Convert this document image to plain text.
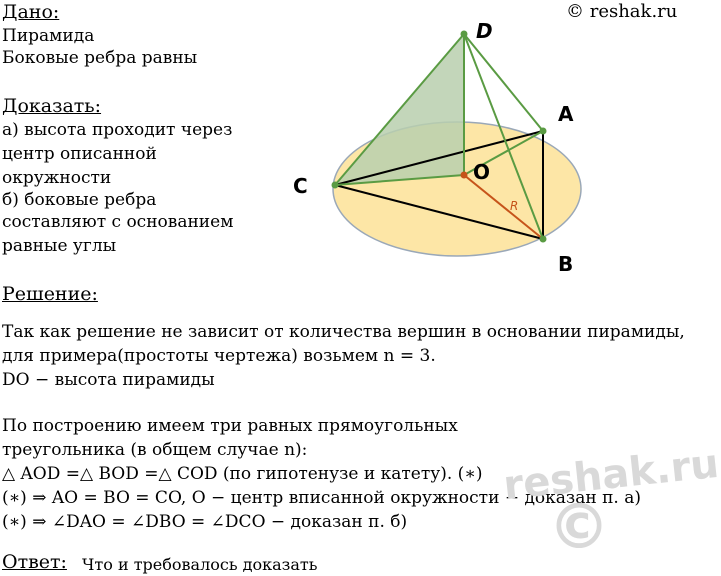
Дано:
Пирамида
Боковые ребра равны
© reshak.ru
Доказать:
а) высота проходит через
центр описанной
окружности
б) боковые ребра
составляют с основанием
равные углы
D
A
C
O
B
R
Решение:
Так как решение не зависит от количества вершин в основании пирамиды,
для примера(простоты чертежа) возьмем n = 3.
DO − высота пирамиды
По построению имеем три равных прямоугольных
треугольника (в общем случае n):
△ AOD =△ BOD =△ COD (по гипотенузе и катету). (∗)
(∗) ⇒ AO = BO = CO, O − центр вписанной окружности − доказан п. а)
(∗) ⇒ ∠DAO = ∠DBO = ∠DCO − доказан п. б)
reshak.ru
©
Ответ: Что и требовалось доказать
